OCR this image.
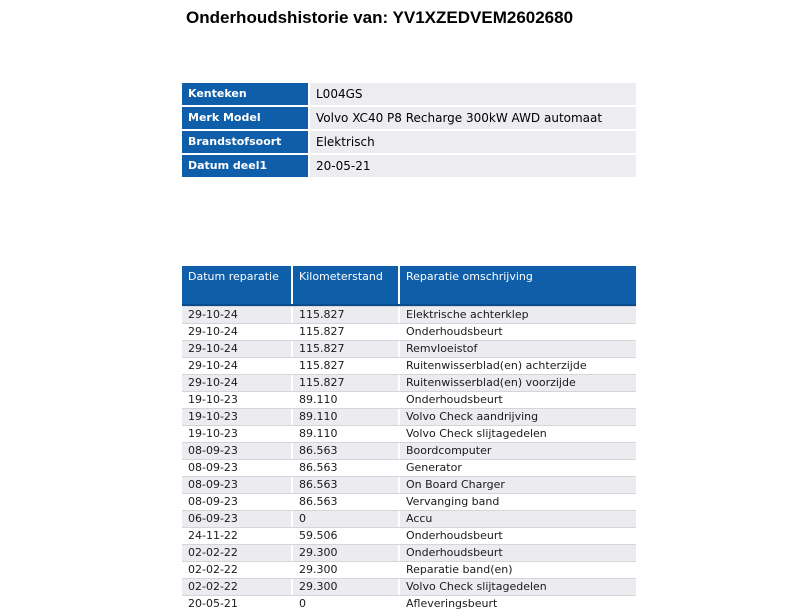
Onderhoudshistorie van: YV1XZEDVEM2602680
Kenteken	L004GS
Merk Model	Volvo XC40 P8 Recharge 300kW AWD automaat
Brandstofsoort	Elektrisch
Datum deel1	20-05-21
Datum reparatie	Kilometerstand	Reparatie omschrijving
29-10-24	115.827	Elektrische achterklep
29-10-24	115.827	Onderhoudsbeurt
29-10-24	115.827	Remvloeistof
29-10-24	115.827	Ruitenwisserblad(en) achterzijde
29-10-24	115.827	Ruitenwisserblad(en) voorzijde
19-10-23	89.110	Onderhoudsbeurt
19-10-23	89.110	Volvo Check aandrijving
19-10-23	89.110	Volvo Check slijtagedelen
08-09-23	86.563	Boordcomputer
08-09-23	86.563	Generator
08-09-23	86.563	On Board Charger
08-09-23	86.563	Vervanging band
06-09-23	0	Accu
24-11-22	59.506	Onderhoudsbeurt
02-02-22	29.300	Onderhoudsbeurt
02-02-22	29.300	Reparatie band(en)
02-02-22	29.300	Volvo Check slijtagedelen
20-05-21	0	Afleveringsbeurt
